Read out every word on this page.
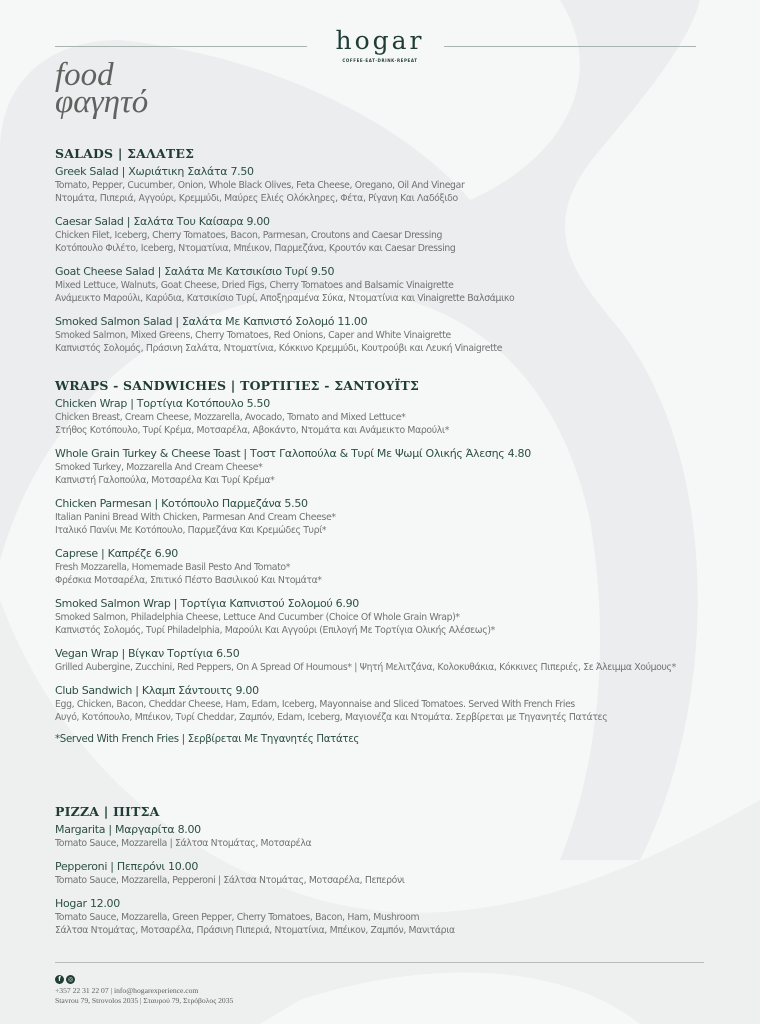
hogar
COFFEE·EAT·DRINK·REPEAT
food
φαγητό
SALADS | ΣΑΛΑΤΕΣ
Greek Salad | Χωριάτικη Σαλάτα 7.50
Tomato, Pepper, Cucumber, Onion, Whole Black Olives, Feta Cheese, Oregano, Oil And Vinegar
Ντομάτα, Πιπεριά, Αγγούρι, Κρεμμύδι, Μαύρες Ελιές Ολόκληρες, Φέτα, Ρίγανη Και Λαδόξιδο
Caesar Salad | Σαλάτα Του Καίσαρα 9.00
Chicken Filet, Iceberg, Cherry Tomatoes, Bacon, Parmesan, Croutons and Caesar Dressing
Κοτόπουλο Φιλέτο, Iceberg, Ντοματίνια, Μπέικον, Παρμεζάνα, Κρουτόν και Caesar Dressing
Goat Cheese Salad | Σαλάτα Με Κατσικίσιο Τυρί 9.50
Mixed Lettuce, Walnuts, Goat Cheese, Dried Figs, Cherry Tomatoes and Balsamic Vinaigrette
Ανάμεικτο Μαρούλι, Καρύδια, Κατσικίσιο Τυρί, Αποξηραμένα Σύκα, Ντοματίνια και Vinaigrette Βαλσάμικο
Smoked Salmon Salad | Σαλάτα Με Καπνιστό Σολομό 11.00
Smoked Salmon, Mixed Greens, Cherry Tomatoes, Red Onions, Caper and White Vinaigrette
Καπνιστός Σολομός, Πράσινη Σαλάτα, Ντοματίνια, Κόκκινο Κρεμμύδι, Κουτρούβι και Λευκή Vinaigrette
WRAPS - SANDWICHES | ΤΟΡΤΙΓΙΕΣ - ΣΑΝΤΟΥΪΤΣ
Chicken Wrap | Τορτίγια Κοτόπουλο 5.50
Chicken Breast, Cream Cheese, Mozzarella, Avocado, Tomato and Mixed Lettuce*
Στήθος Κοτόπουλο, Τυρί Κρέμα, Μοτσαρέλα, Αβοκάντο, Ντομάτα και Ανάμεικτο Μαρούλι*
Whole Grain Turkey & Cheese Toast | Τοστ Γαλοπούλα & Τυρί Με Ψωμί Ολικής Άλεσης 4.80
Smoked Turkey, Mozzarella And Cream Cheese*
Καπνιστή Γαλοπούλα, Μοτσαρέλα Και Τυρί Κρέμα*
Chicken Parmesan | Κοτόπουλο Παρμεζάνα 5.50
Italian Panini Bread With Chicken, Parmesan And Cream Cheese*
Ιταλικό Πανίνι Με Κοτόπουλο, Παρμεζάνα Και Κρεμώδες Τυρί*
Caprese | Καπρέζε 6.90
Fresh Mozzarella, Homemade Basil Pesto And Tomato*
Φρέσκια Μοτσαρέλα, Σπιτικό Πέστο Βασιλικού Και Ντομάτα*
Smoked Salmon Wrap | Τορτίγια Καπνιστού Σολομού 6.90
Smoked Salmon, Philadelphia Cheese, Lettuce And Cucumber (Choice Of Whole Grain Wrap)*
Καπνιστός Σολομός, Τυρί Philadelphia, Μαρούλι Και Αγγούρι (Επιλογή Με Τορτίγια Ολικής Αλέσεως)*
Vegan Wrap | Βίγκαν Τορτίγια 6.50
Grilled Aubergine, Zucchini, Red Peppers, On A Spread Of Houmous* | Ψητή Μελιτζάνα, Κολοκυθάκια, Κόκκινες Πιπεριές, Σε Άλειμμα Χούμους*
Club Sandwich | Κλαμπ Σάντουιτς 9.00
Egg, Chicken, Bacon, Cheddar Cheese, Ham, Edam, Iceberg, Mayonnaise and Sliced Tomatoes. Served With French Fries
Αυγό, Κοτόπουλο, Μπέικον, Τυρί Cheddar, Ζαμπόν, Edam, Iceberg, Μαγιονέζα και Ντομάτα. Σερβίρεται με Τηγανητές Πατάτες
*Served With French Fries | Σερβίρεται Με Τηγανητές Πατάτες
PIZZA | ΠΙΤΣΑ
Margarita | Μαργαρίτα 8.00
Tomato Sauce, Mozzarella | Σάλτσα Ντομάτας, Μοτσαρέλα
Pepperoni | Πεπερόνι 10.00
Tomato Sauce, Mozzarella, Pepperoni | Σάλτσα Ντομάτας, Μοτσαρέλα, Πεπερόνι
Hogar 12.00
Tomato Sauce, Mozzarella, Green Pepper, Cherry Tomatoes, Bacon, Ham, Mushroom
Σάλτσα Ντομάτας, Μοτσαρέλα, Πράσινη Πιπεριά, Ντοματίνια, Μπέικον, Ζαμπόν, Μανιτάρια
f	◎
+357 22 31 22 07 | info@hogarexperience.com
Stavrou 79, Strovolos 2035 | Σταυρού 79, Στρόβολος 2035
